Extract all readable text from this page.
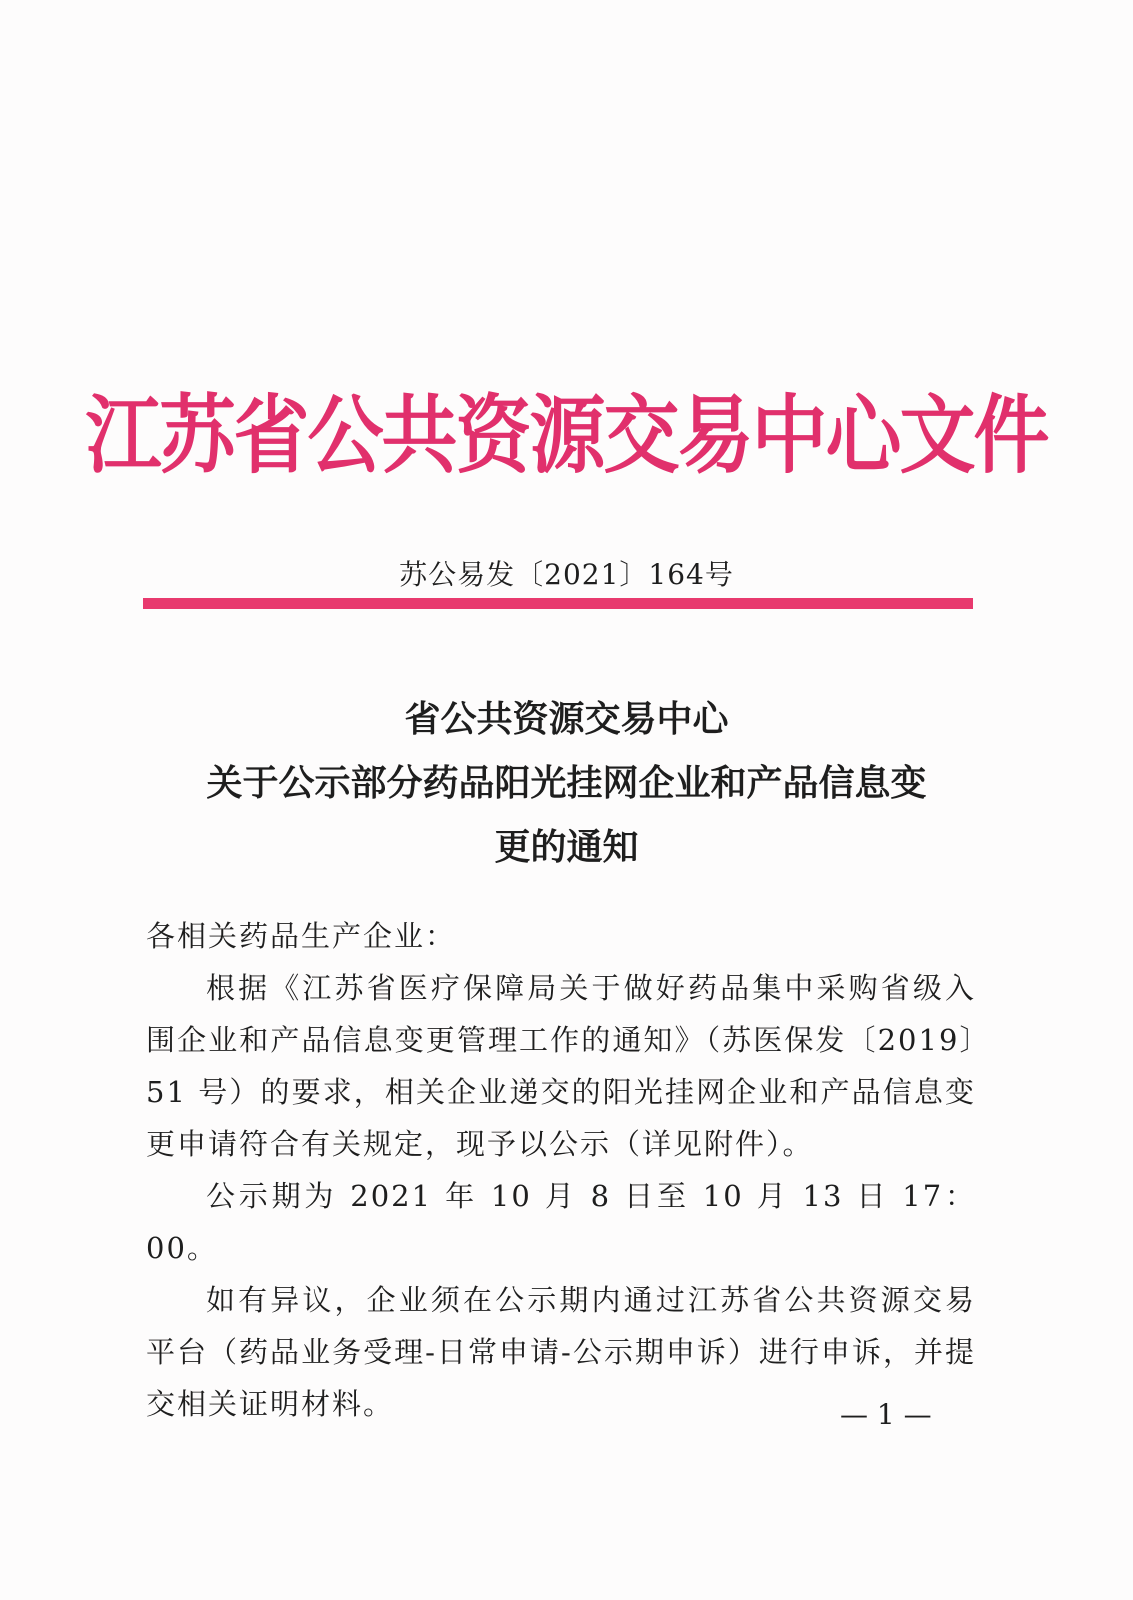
江苏省公共资源交易中心文件
苏公易发〔2021〕164号
省公共资源交易中心
关于公示部分药品阳光挂网企业和产品信息变
更的通知

各相关药品生产企业：

根据《江苏省医疗保障局关于做好药品集中采购省级入围企业和产品信息变更管理工作的通知》（苏医保发〔2019〕51 号）的要求，相关企业递交的阳光挂网企业和产品信息变更申请符合有关规定，现予以公示（详见附件）。

公示期为 2021 年 10 月 8 日至 10 月 13 日 17：00。

如有异议，企业须在公示期内通过江苏省公共资源交易平台（药品业务受理-日常申请-公示期申诉）进行申诉，并提交相关证明材料。	— 1 —
